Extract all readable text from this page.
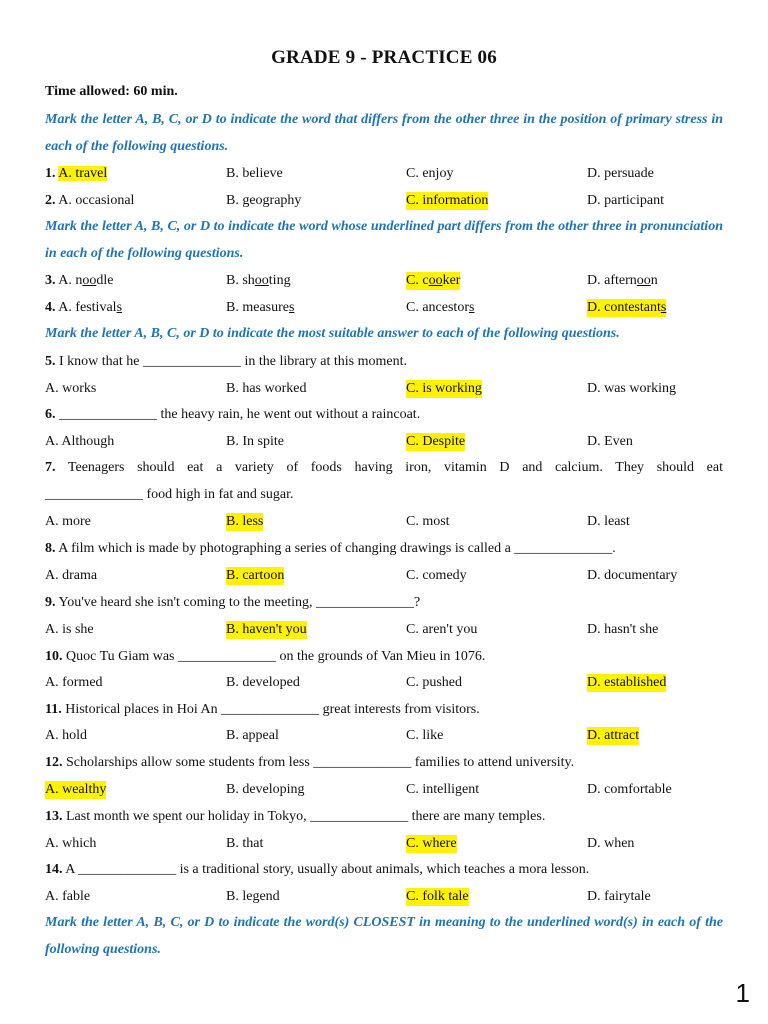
GRADE 9 - PRACTICE 06
Time allowed: 60 min.
Mark the letter A, B, C, or D to indicate the word that differs from the other three in the position of primary stress in each of the following questions.
1. A. travel	B. believe	C. enjoy	D. persuade
2. A. occasional	B. geography	C. information	D. participant
Mark the letter A, B, C, or D to indicate the word whose underlined part differs from the other three in pronunciation in each of the following questions.
3. A. noodle	B. shooting	C. cooker	D. afternoon
4. A. festivals	B. measures	C. ancestors	D. contestants
Mark the letter A, B, C, or D to indicate the most suitable answer to each of the following questions.
5. I know that he ______________ in the library at this moment.
A. works	B. has worked	C. is working	D. was working
6. ______________ the heavy rain, he went out without a raincoat.
A. Although	B. In spite	C. Despite	D. Even
7. Teenagers should eat a variety of foods having iron, vitamin D and calcium. They should eat
______________ food high in fat and sugar.
A. more	B. less	C. most	D. least
8. A film which is made by photographing a series of changing drawings is called a ______________.
A. drama	B. cartoon	C. comedy	D. documentary
9. You've heard she isn't coming to the meeting, ______________?
A. is she	B. haven't you	C. aren't you	D. hasn't she
10. Quoc Tu Giam was ______________ on the grounds of Van Mieu in 1076.
A. formed	B. developed	C. pushed	D. established
11. Historical places in Hoi An ______________ great interests from visitors.
A. hold	B. appeal	C. like	D. attract
12. Scholarships allow some students from less ______________ families to attend university.
A. wealthy	B. developing	C. intelligent	D. comfortable
13. Last month we spent our holiday in Tokyo, ______________ there are many temples.
A. which	B. that	C. where	D. when
14. A ______________ is a traditional story, usually about animals, which teaches a mora lesson.
A. fable	B. legend	C. folk tale	D. fairytale
Mark the letter A, B, C, or D to indicate the word(s) CLOSEST in meaning to the underlined word(s) in each of the following questions.
1
